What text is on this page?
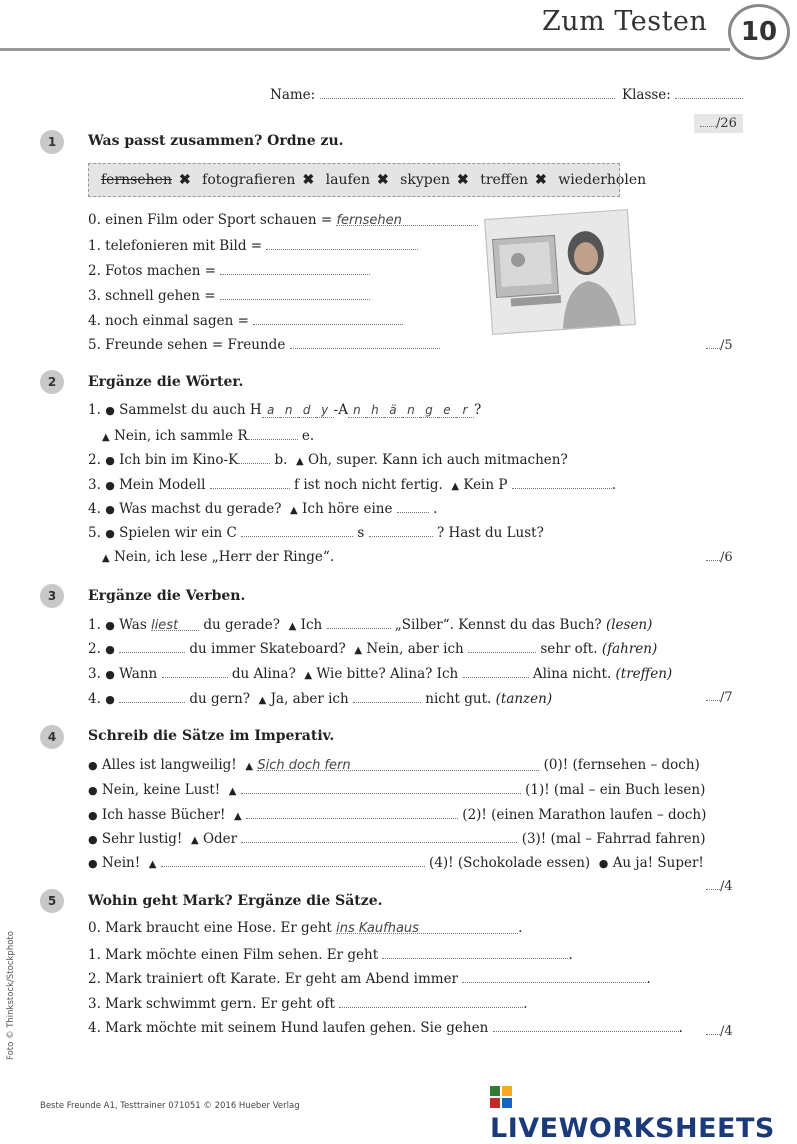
Zum Testen	10
Name:	Klasse:
/26
1	Was passt zusammen? Ordne zu.
fernsehen ✖ fotografieren ✖ laufen ✖ skypen ✖ treffen ✖ wiederholen
0. einen Film oder Sport schauen = fernsehen
1. telefonieren mit Bild =
2. Fotos machen =
3. schnell gehen =
4. noch einmal sagen =
5. Freunde sehen = Freunde	/5
2	Ergänze die Wörter.
1. ● Sammelst du auch H a n d y -A n h ä n g e r ?
▲ Nein, ich sammle R	e.
2. ● Ich bin im Kino-K	b. ▲ Oh, super. Kann ich auch mitmachen?
3. ● Mein Modell	f ist noch nicht fertig. ▲ Kein P	.
4. ● Was machst du gerade? ▲ Ich höre eine	.
5. ● Spielen wir ein C	s	? Hast du Lust?
▲ Nein, ich lese „Herr der Ringe“.	/6
3	Ergänze die Verben.
1. ● Was liest du gerade? ▲ Ich	„Silber“. Kennst du das Buch? (lesen)
2. ●	du immer Skateboard? ▲ Nein, aber ich	sehr oft. (fahren)
3. ● Wann	du Alina? ▲ Wie bitte? Alina? Ich	Alina nicht. (treffen)
4. ●	du gern? ▲ Ja, aber ich	nicht gut. (tanzen)	/7
4	Schreib die Sätze im Imperativ.
● Alles ist langweilig! ▲ Sich doch fern	(0)! (fernsehen – doch)
● Nein, keine Lust! ▲	(1)! (mal – ein Buch lesen)
● Ich hasse Bücher! ▲	(2)! (einen Marathon laufen – doch)
● Sehr lustig! ▲ Oder	(3)! (mal – Fahrrad fahren)
● Nein! ▲	(4)! (Schokolade essen) ● Au ja! Super!
/4
5	Wohin geht Mark? Ergänze die Sätze.
0. Mark braucht eine Hose. Er geht ins Kaufhaus	.
1. Mark möchte einen Film sehen. Er geht	.
2. Mark trainiert oft Karate. Er geht am Abend immer	.
3. Mark schwimmt gern. Er geht oft	.
4. Mark möchte mit seinem Hund laufen gehen. Sie gehen	.	/4
Foto © Thinkstock/Stockphoto
Beste Freunde A1, Testtrainer 071051 © 2016 Hueber Verlag
LIVEWORKSHEETS
